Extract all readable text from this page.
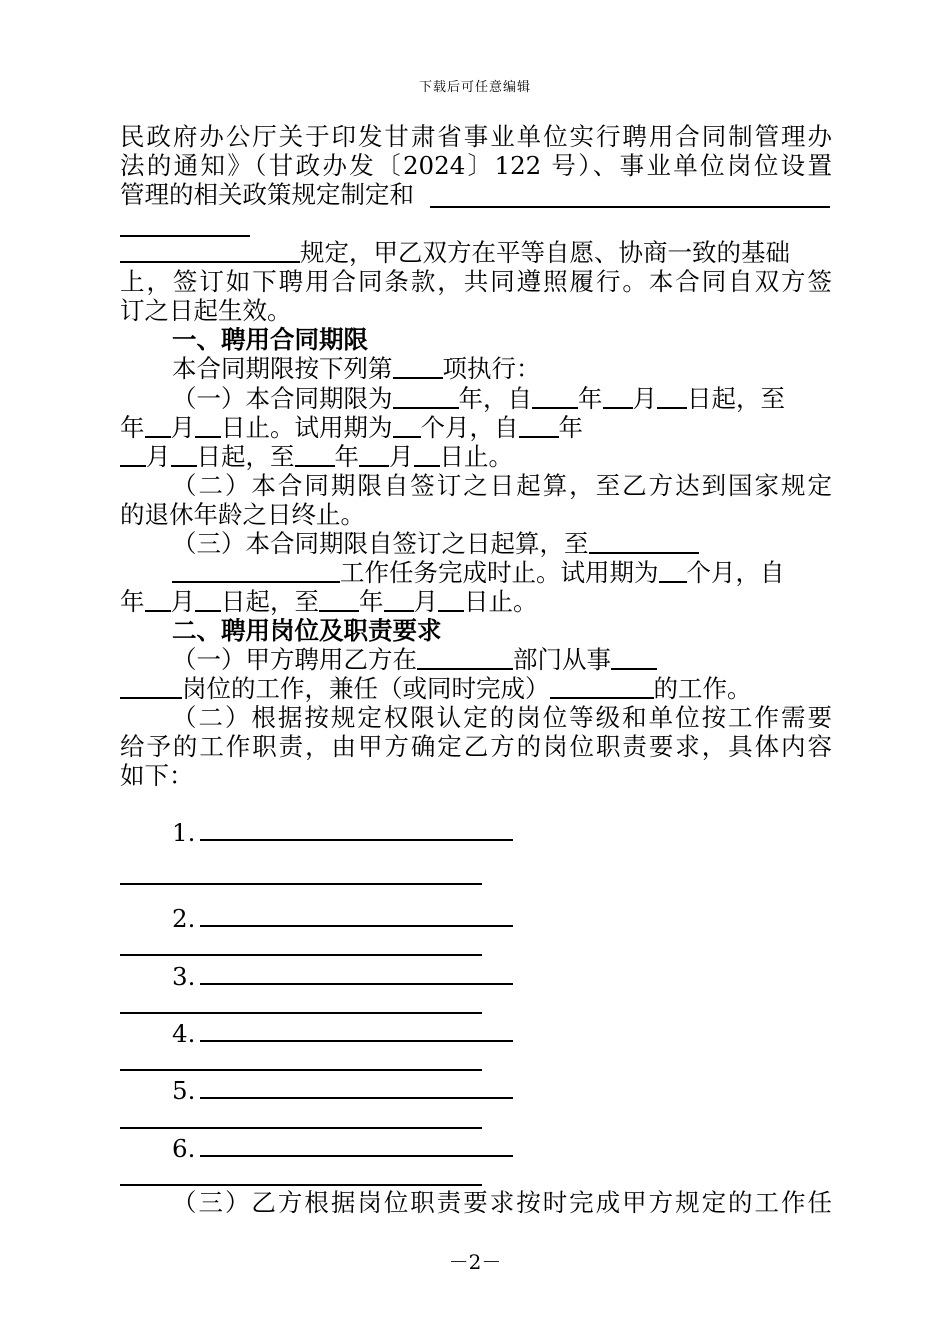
下载后可任意编辑
民政府办公厅关于印发甘肃省事业单位实行聘用合同制管理办
法的通知》（甘政办发〔2024〕122 号）、事业单位岗位设置
管理的相关政策规定制定和
规定，甲乙双方在平等自愿、协商一致的基础
上，签订如下聘用合同条款，共同遵照履行。本合同自双方签
订之日起生效。
一、聘用合同期限
本合同期限按下列第 项执行：
（一）本合同期限为	年，自 年 月 日起，至
年 月 日止。试用期为 个月，自 年
月 日起，至 年 月 日止。
（二）本合同期限自签订之日起算，至乙方达到国家规定
的退休年龄之日终止。
（三）本合同期限自签订之日起算，至
工作任务完成时止。试用期为 个月，自
年 月 日起，至 年 月 日止。
二、聘用岗位及职责要求
（一）甲方聘用乙方在	部门从事
岗位的工作，兼任（或同时完成）	的工作。
（二）根据按规定权限认定的岗位等级和单位按工作需要
给予的工作职责，由甲方确定乙方的岗位职责要求，具体内容
如下：
1.
2.
3.
4.
5.
6.
（三）乙方根据岗位职责要求按时完成甲方规定的工作任
－2－
